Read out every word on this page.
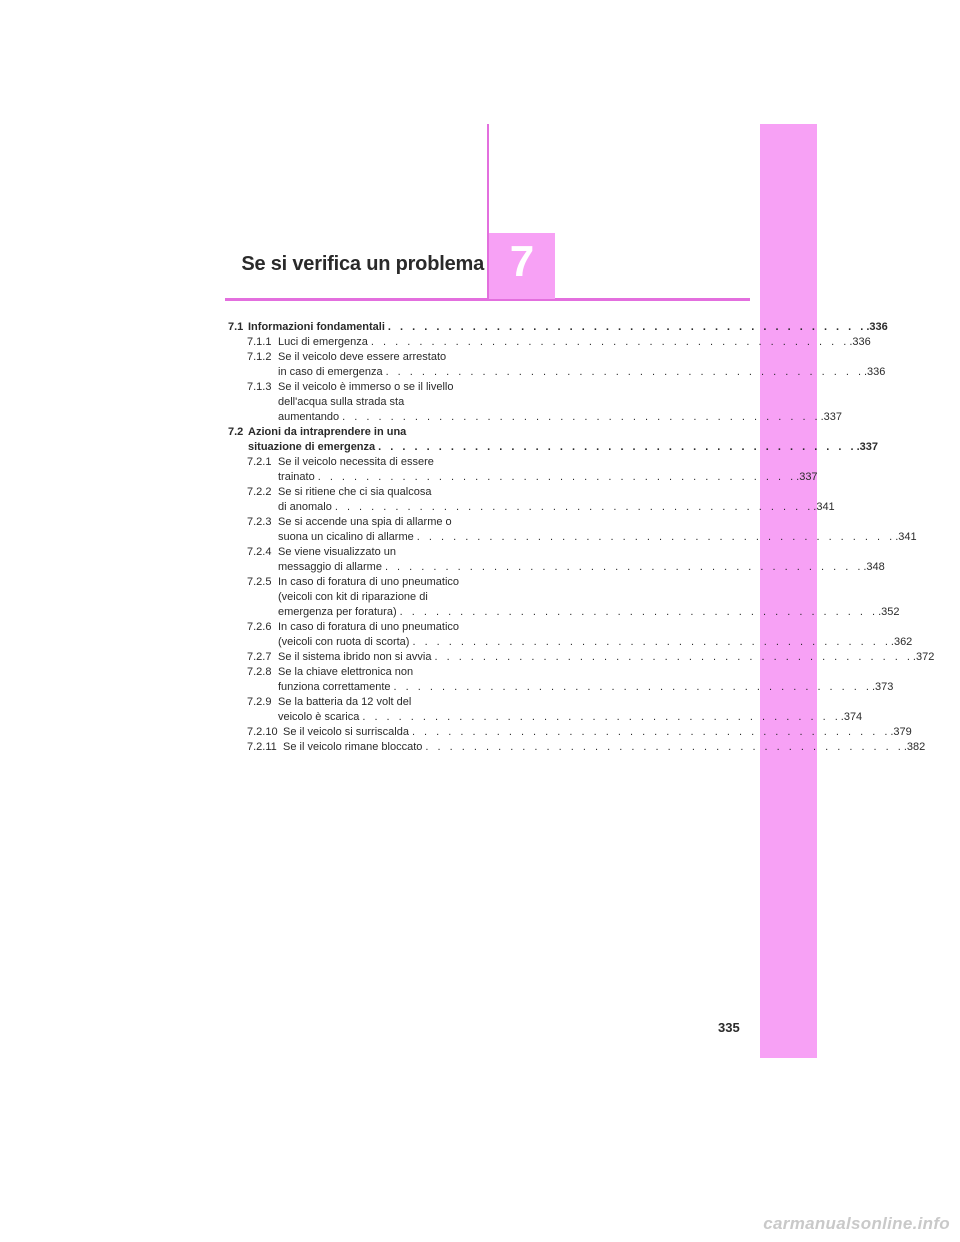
7
Se si verifica un problema
7.1 Informazioni fondamentali . . .	.336
7.1.1 Luci di emergenza . . .	.336
7.1.2 Se il veicolo deve essere arrestato
in caso di emergenza . . .	.336
7.1.3 Se il veicolo è immerso o se il livello
dell'acqua sulla strada sta
aumentando . . .	.337
7.2 Azioni da intraprendere in una
situazione di emergenza . . .	.337
7.2.1 Se il veicolo necessita di essere
trainato . . .	.337
7.2.2 Se si ritiene che ci sia qualcosa
di anomalo . . .	.341
7.2.3 Se si accende una spia di allarme o
suona un cicalino di allarme . . .	.341
7.2.4 Se viene visualizzato un
messaggio di allarme . . .	.348
7.2.5 In caso di foratura di uno pneumatico
(veicoli con kit di riparazione di
emergenza per foratura) . . .	.352
7.2.6 In caso di foratura di uno pneumatico
(veicoli con ruota di scorta) . . .	.362
7.2.7 Se il sistema ibrido non si avvia . . .	.372
7.2.8 Se la chiave elettronica non
funziona correttamente . . .	.373
7.2.9 Se la batteria da 12 volt del
veicolo è scarica . . .	.374
7.2.10 Se il veicolo si surriscalda . . .	.379
7.2.11 Se il veicolo rimane bloccato . . .	.382
335
carmanualsonline.info
